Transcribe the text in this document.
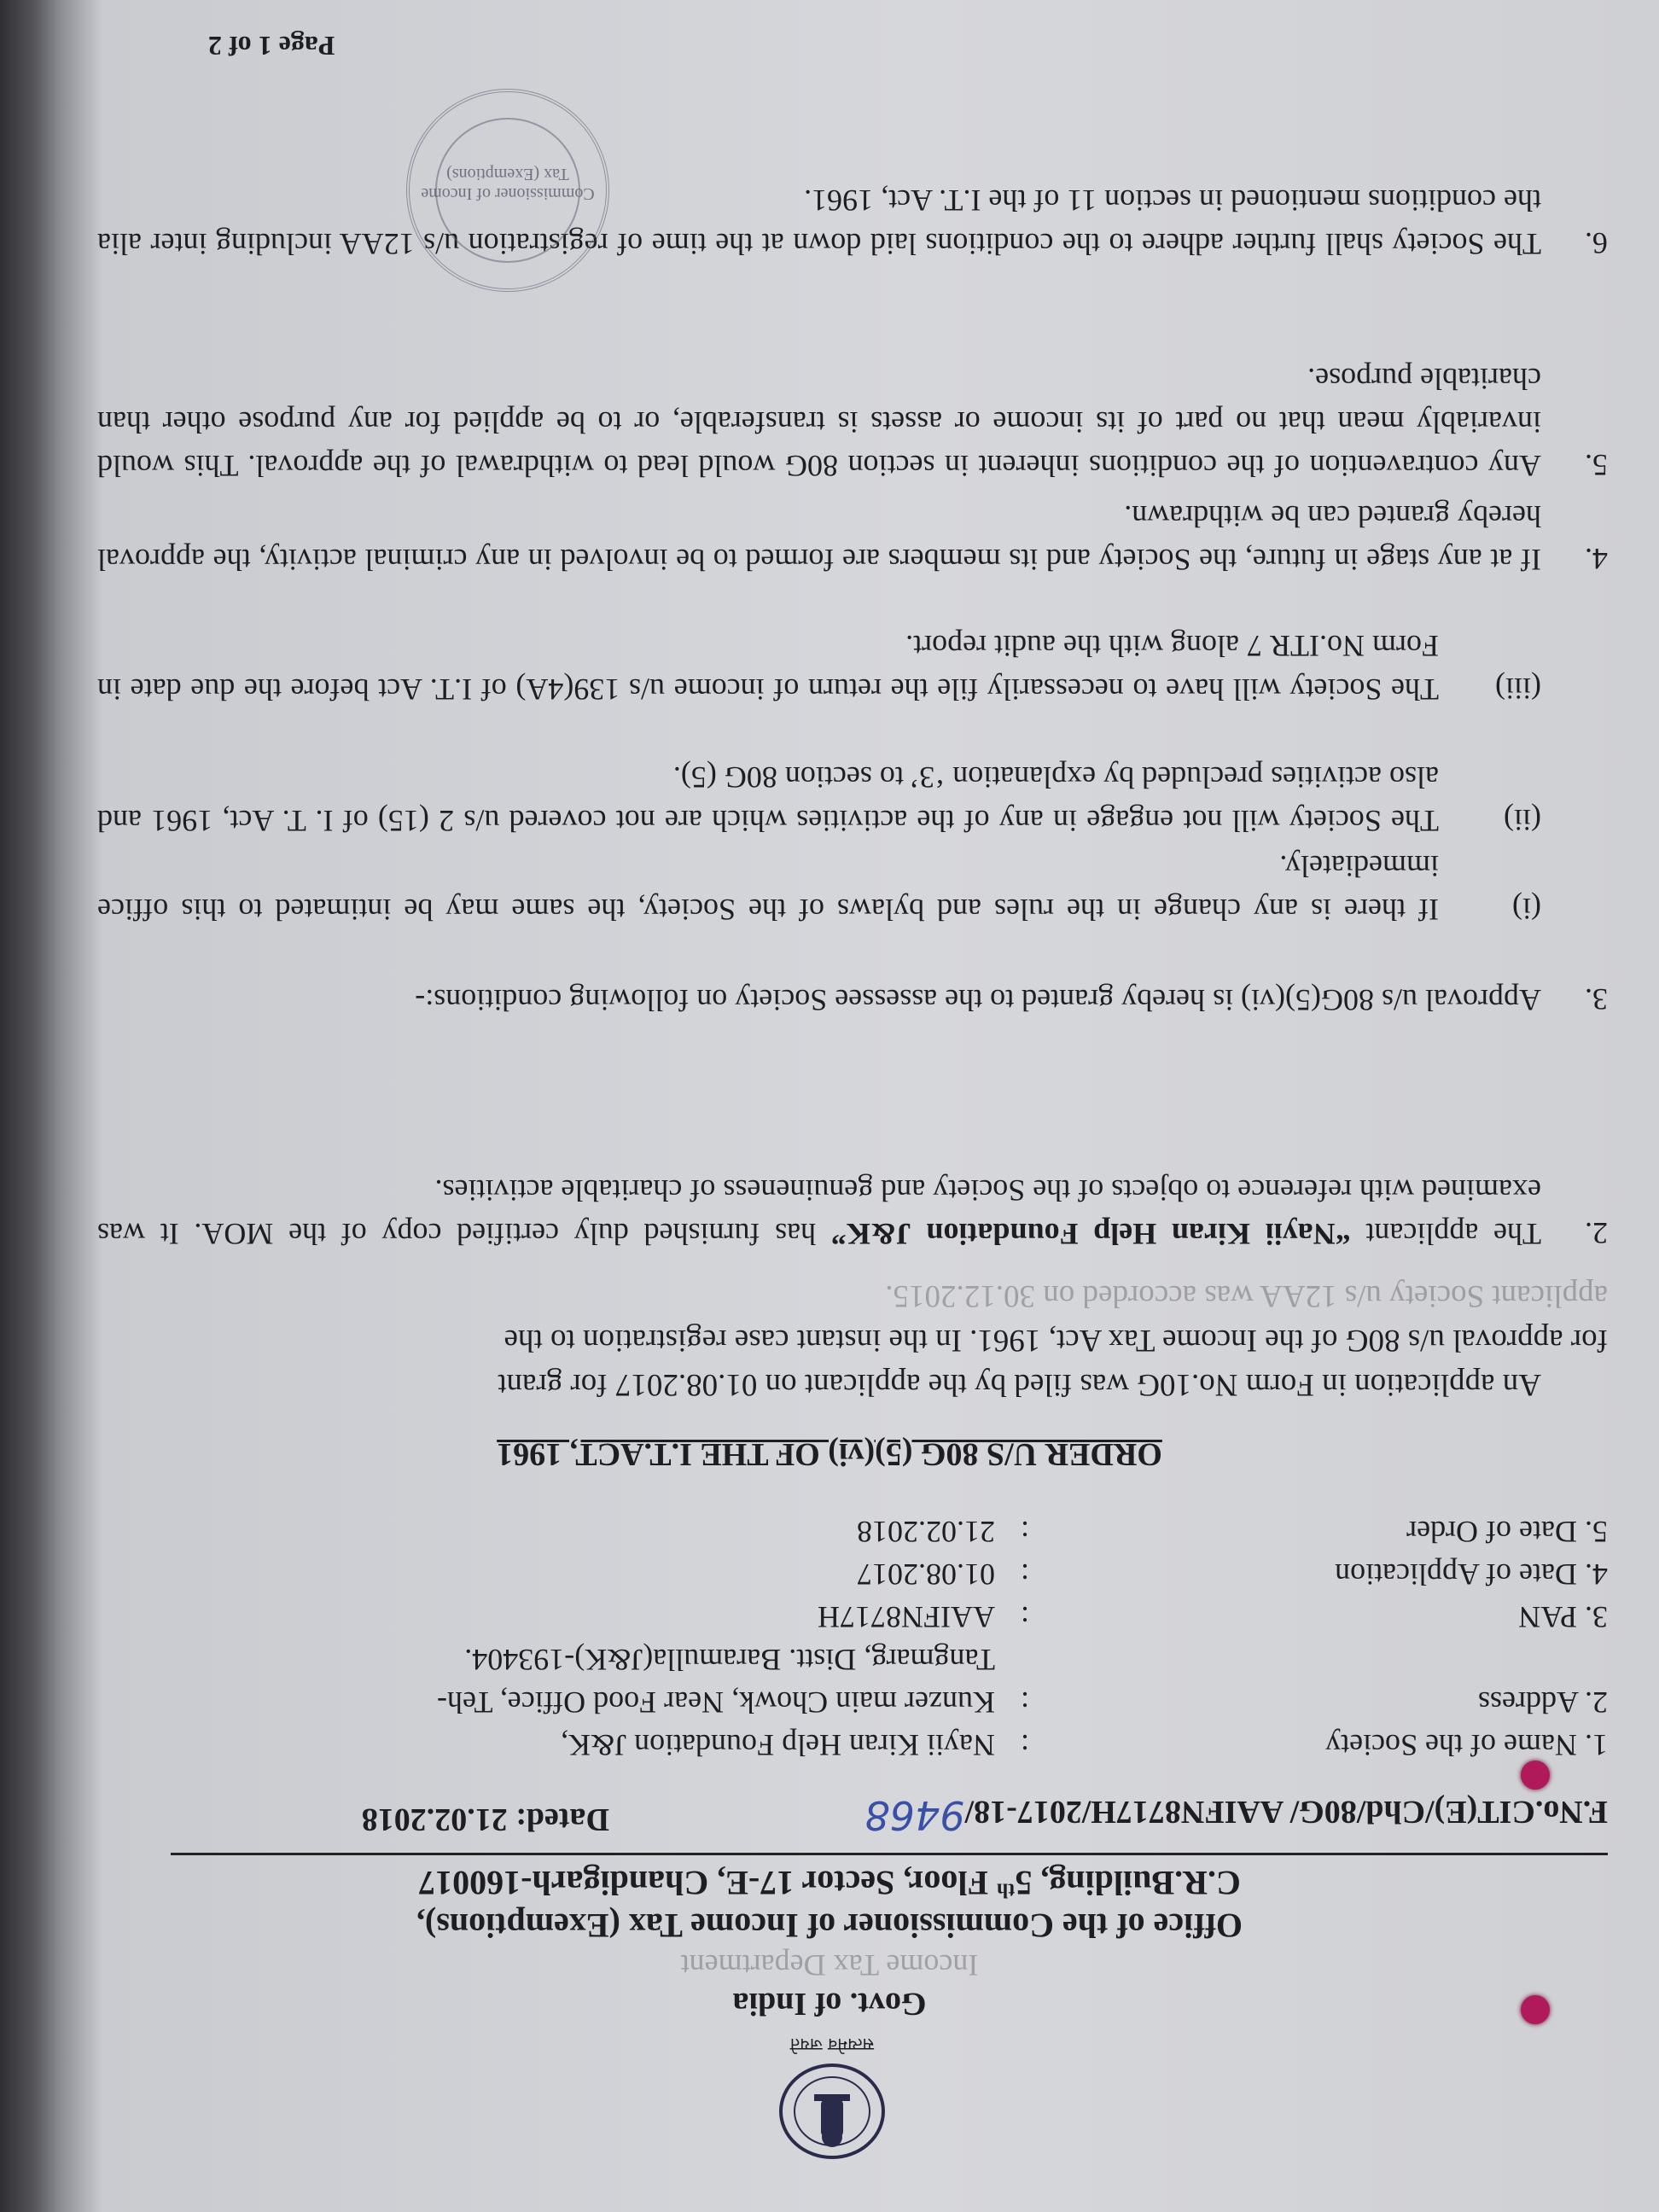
सत्यमेव जयते
Govt. of India
Income Tax Department
Office of the Commissioner of Income Tax (Exemptions),
C.R.Building, 5th Floor, Sector 17-E, Chandigarh-160017
F.No.CIT(E)/Chd/80G/ AAIFN8717H/2017-18/9468
Dated: 21.02.2018
1. Name of the Society
:
Nayii Kiran Help Foundation J&K,
2. Address
:
Kunzer main Chowk, Near Food Office, Teh-
Tangmarg, Distt. Baramulla(J&K)-193404.
3. PAN
:
AAIFN8717H
4. Date of Application
:
01.08.2017
5. Date of Order
:
21.02.2018
ORDER U/S 80G (5)(vi) OF THE I.T.ACT, 1961
An application in Form No.10G was filed by the applicant on 01.08.2017 for grant
for approval u/s 80G of the Income Tax Act, 1961. In the instant case registration to the
applicant Society u/s 12AA was accorded on 30.12.2015.
2.
The applicant “Nayii Kiran Help Foundation J&K” has furnished duly certified copy of the MOA. It was examined with reference to objects of the Society and genuineness of charitable activities.
3.
Approval u/s 80G(5)(vi) is hereby granted to the assessee Society on following conditions:-
(i)
If there is any change in the rules and bylaws of the Society, the same may be intimated to this office immediately.
(ii)
The Society will not engage in any of the activities which are not covered u/s 2 (15) of I. T. Act, 1961 and also activities precluded by explanation ‘3’ to section 80G (5).
(iii)
The Society will have to necessarily file the return of income u/s 139(4A) of I.T. Act before the due date in Form No.ITR 7 along with the audit report.
4.
If at any stage in future, the Society and its members are formed to be involved in any criminal activity, the approval hereby granted can be withdrawn.
5.
Any contravention of the conditions inherent in section 80G would lead to withdrawal of the approval. This would invariably mean that no part of its income or assets is transferable, or to be applied for any purpose other than charitable purpose.
6.
The Society shall further adhere to the conditions laid down at the time of registration u/s 12AA including inter alia the conditions mentioned in section 11 of the I.T. Act, 1961.
Commissioner of Income Tax (Exemptions)
Page 1 of 2
